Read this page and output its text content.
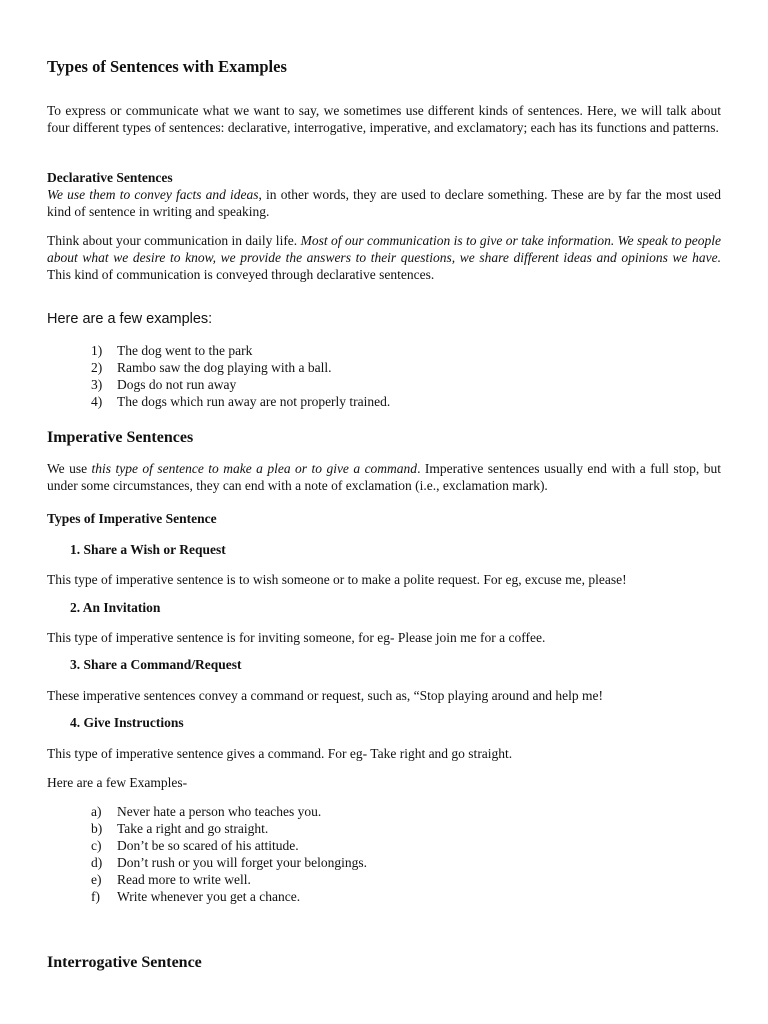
Types of Sentences with Examples
To express or communicate what we want to say, we sometimes use different kinds of sentences. Here, we will talk about four different types of sentences: declarative, interrogative, imperative, and exclamatory; each has its functions and patterns.
Declarative Sentences
We use them to convey facts and ideas, in other words, they are used to declare something. These are by far the most used kind of sentence in writing and speaking.
Think about your communication in daily life. Most of our communication is to give or take information. We speak to people about what we desire to know, we provide the answers to their questions, we share different ideas and opinions we have. This kind of communication is conveyed through declarative sentences.
Here are a few examples:
1)	The dog went to the park
2)	Rambo saw the dog playing with a ball.
3)	Dogs do not run away
4)	The dogs which run away are not properly trained.
Imperative Sentences
We use this type of sentence to make a plea or to give a command. Imperative sentences usually end with a full stop, but under some circumstances, they can end with a note of exclamation (i.e., exclamation mark).
Types of Imperative Sentence
1. Share a Wish or Request
This type of imperative sentence is to wish someone or to make a polite request. For eg, excuse me, please!
2. An Invitation
This type of imperative sentence is for inviting someone, for eg- Please join me for a coffee.
3. Share a Command/Request
These imperative sentences convey a command or request, such as, “Stop playing around and help me!
4. Give Instructions
This type of imperative sentence gives a command. For eg- Take right and go straight.
Here are a few Examples-
a)	Never hate a person who teaches you.
b)	Take a right and go straight.
c)	Don’t be so scared of his attitude.
d)	Don’t rush or you will forget your belongings.
e)	Read more to write well.
f)	Write whenever you get a chance.
Interrogative Sentence
